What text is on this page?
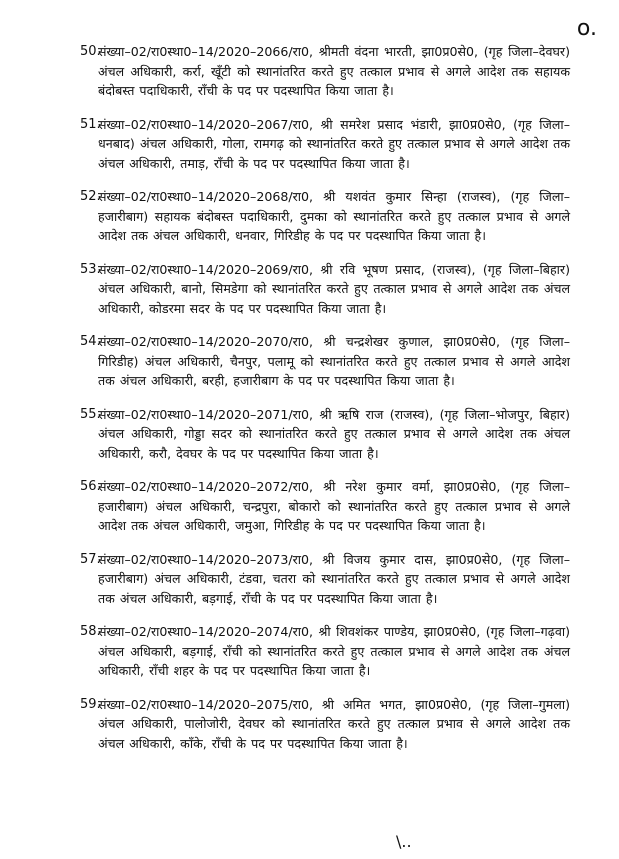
o.
50.
संख्या–02/रा0स्था0–14/2020–2066/रा0, श्रीमती वंदना भारती, झा0प्र0से0, (गृह जिला–देवघर) अंचल अधिकारी, कर्रा, खूँटी को स्थानांतरित करते हुए तत्काल प्रभाव से अगले आदेश तक सहायक बंदोबस्त पदाधिकारी, राँची के पद पर पदस्थापित किया जाता है।
51.
संख्या–02/रा0स्था0–14/2020–2067/रा0, श्री समरेश प्रसाद भंडारी, झा0प्र0से0, (गृह जिला–धनबाद) अंचल अधिकारी, गोला, रामगढ़ को स्थानांतरित करते हुए तत्काल प्रभाव से अगले आदेश तक अंचल अधिकारी, तमाड़, राँची के पद पर पदस्थापित किया जाता है।
52.
संख्या–02/रा0स्था0–14/2020–2068/रा0, श्री यशवंत कुमार सिन्हा (राजस्व), (गृह जिला–हजारीबाग) सहायक बंदोबस्त पदाधिकारी, दुमका को स्थानांतरित करते हुए तत्काल प्रभाव से अगले आदेश तक अंचल अधिकारी, धनवार, गिरिडीह के पद पर पदस्थापित किया जाता है।
53.
संख्या–02/रा0स्था0–14/2020–2069/रा0, श्री रवि भूषण प्रसाद, (राजस्व), (गृह जिला–बिहार) अंचल अधिकारी, बानो, सिमडेगा को स्थानांतरित करते हुए तत्काल प्रभाव से अगले आदेश तक अंचल अधिकारी, कोडरमा सदर के पद पर पदस्थापित किया जाता है।
54.
संख्या–02/रा0स्था0–14/2020–2070/रा0, श्री चन्द्रशेखर कुणाल, झा0प्र0से0, (गृह जिला–गिरिडीह) अंचल अधिकारी, चैनपुर, पलामू को स्थानांतरित करते हुए तत्काल प्रभाव से अगले आदेश तक अंचल अधिकारी, बरही, हजारीबाग के पद पर पदस्थापित किया जाता है।
55.
संख्या–02/रा0स्था0–14/2020–2071/रा0, श्री ऋषि राज (राजस्व), (गृह जिला–भोजपुर, बिहार) अंचल अधिकारी, गोड्डा सदर को स्थानांतरित करते हुए तत्काल प्रभाव से अगले आदेश तक अंचल अधिकारी, करौ, देवघर के पद पर पदस्थापित किया जाता है।
56.
संख्या–02/रा0स्था0–14/2020–2072/रा0, श्री नरेश कुमार वर्मा, झा0प्र0से0, (गृह जिला–हजारीबाग) अंचल अधिकारी, चन्द्रपुरा, बोकारो को स्थानांतरित करते हुए तत्काल प्रभाव से अगले आदेश तक अंचल अधिकारी, जमुआ, गिरिडीह के पद पर पदस्थापित किया जाता है।
57.
संख्या–02/रा0स्था0–14/2020–2073/रा0, श्री विजय कुमार दास, झा0प्र0से0, (गृह जिला–हजारीबाग) अंचल अधिकारी, टंडवा, चतरा को स्थानांतरित करते हुए तत्काल प्रभाव से अगले आदेश तक अंचल अधिकारी, बड़गाई, राँची के पद पर पदस्थापित किया जाता है।
58.
संख्या–02/रा0स्था0–14/2020–2074/रा0, श्री शिवशंकर पाण्डेय, झा0प्र0से0, (गृह जिला–गढ़वा) अंचल अधिकारी, बड़गाई, राँची को स्थानांतरित करते हुए तत्काल प्रभाव से अगले आदेश तक अंचल अधिकारी, राँची शहर के पद पर पदस्थापित किया जाता है।
59.
संख्या–02/रा0स्था0–14/2020–2075/रा0, श्री अमित भगत, झा0प्र0से0, (गृह जिला–गुमला) अंचल अधिकारी, पालोजोरी, देवघर को स्थानांतरित करते हुए तत्काल प्रभाव से अगले आदेश तक अंचल अधिकारी, काँके, राँची के पद पर पदस्थापित किया जाता है।
\..
